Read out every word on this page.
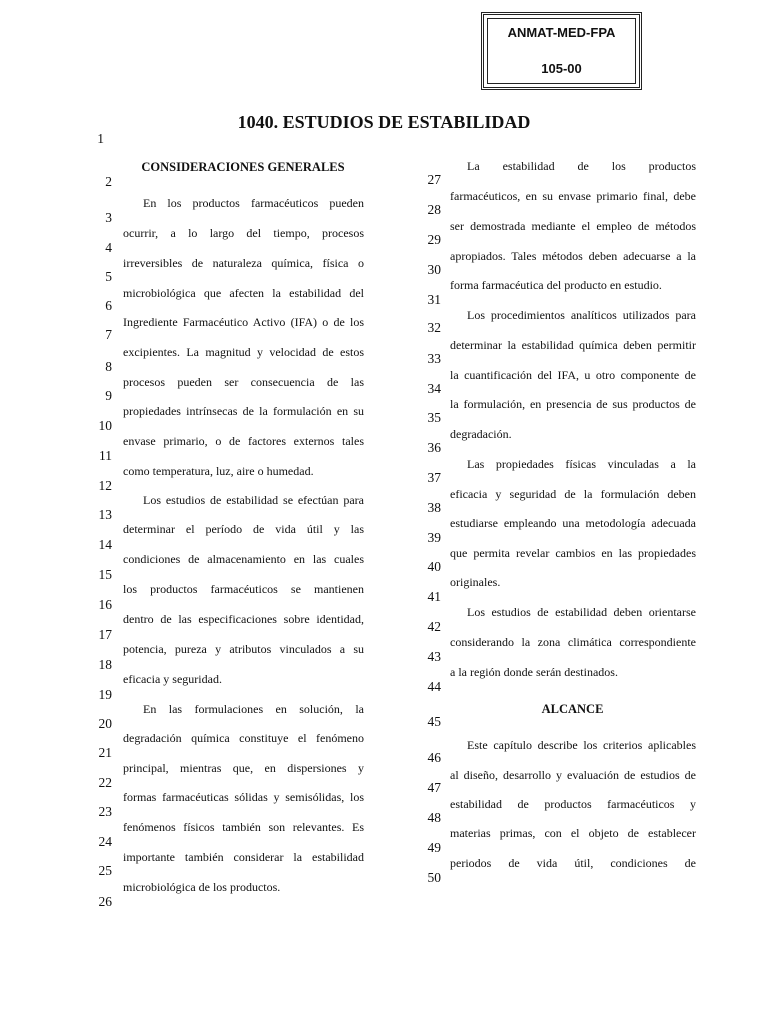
ANMAT-MED-FPA
105-00
1040. ESTUDIOS DE ESTABILIDAD
1
2
3
4
5
6
7
8
9
10
11
12
13
14
15
16
17
18
19
20
21
22
23
24
25
26
27
28
29
30
31
32
33
34
35
36
37
38
39
40
41
42
43
44
45
46
47
48
49
50
CONSIDERACIONES GENERALES
En los productos farmacéuticos pueden
ocurrir, a lo largo del tiempo, procesos
irreversibles de naturaleza química, física o
microbiológica que afecten la estabilidad del
Ingrediente Farmacéutico Activo (IFA) o de los
excipientes. La magnitud y velocidad de estos
procesos pueden ser consecuencia de las
propiedades intrínsecas de la formulación en su
envase primario, o de factores externos tales
como temperatura, luz, aire o humedad.
Los estudios de estabilidad se efectúan para
determinar el período de vida útil y las
condiciones de almacenamiento en las cuales
los productos farmacéuticos se mantienen
dentro de las especificaciones sobre identidad,
potencia, pureza y atributos vinculados a su
eficacia y seguridad.
En las formulaciones en solución, la
degradación química constituye el fenómeno
principal, mientras que, en dispersiones y
formas farmacéuticas sólidas y semisólidas, los
fenómenos físicos también son relevantes. Es
importante también considerar la estabilidad
microbiológica de los productos.
La estabilidad de los productos
farmacéuticos, en su envase primario final, debe
ser demostrada mediante el empleo de métodos
apropiados. Tales métodos deben adecuarse a la
forma farmacéutica del producto en estudio.
Los procedimientos analíticos utilizados para
determinar la estabilidad química deben permitir
la cuantificación del IFA, u otro componente de
la formulación, en presencia de sus productos de
degradación.
Las propiedades físicas vinculadas a la
eficacia y seguridad de la formulación deben
estudiarse empleando una metodología adecuada
que permita revelar cambios en las propiedades
originales.
Los estudios de estabilidad deben orientarse
considerando la zona climática correspondiente
a la región donde serán destinados.
Este capítulo describe los criterios aplicables
al diseño, desarrollo y evaluación de estudios de
estabilidad de productos farmacéuticos y
materias primas, con el objeto de establecer
periodos de vida útil, condiciones de
ALCANCE
